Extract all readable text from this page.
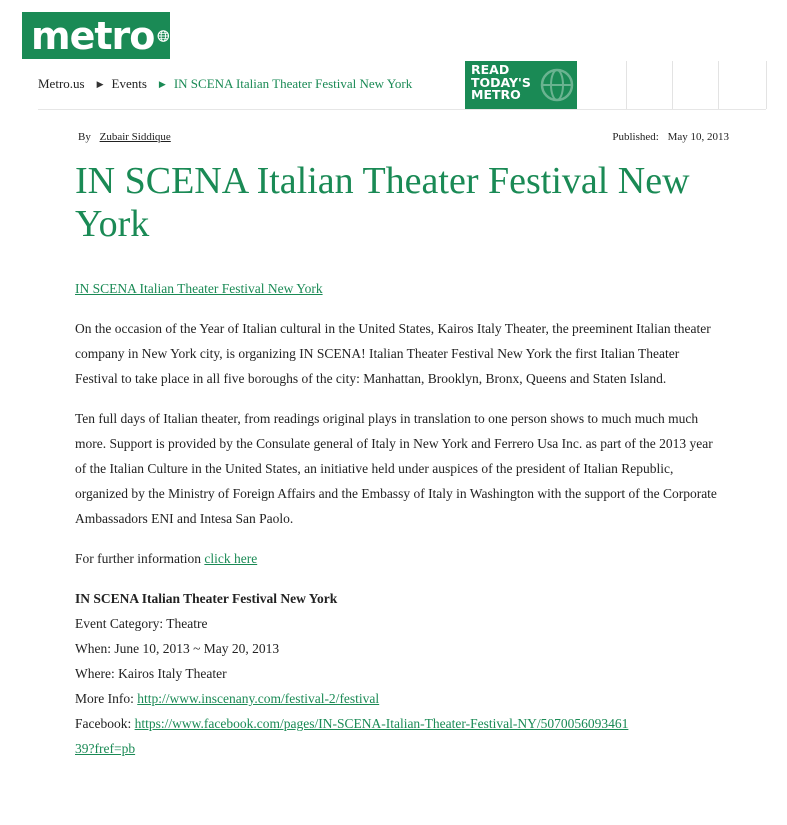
metro
Metro.us ▶ Events ▶ IN SCENA Italian Theater Festival New York
READ
TODAY'S
METRO
By Zubair Siddique	Published: May 10, 2013
IN SCENA Italian Theater Festival New York

IN SCENA Italian Theater Festival New York

On the occasion of the Year of Italian cultural in the United States, Kairos Italy Theater, the preeminent Italian theater company in New York city, is organizing IN SCENA! Italian Theater Festival New York the first Italian Theater Festival to take place in all five boroughs of the city: Manhattan, Brooklyn, Bronx, Queens and Staten Island.

Ten full days of Italian theater, from readings original plays in translation to one person shows to much much much more. Support is provided by the Consulate general of Italy in New York and Ferrero Usa Inc. as part of the 2013 year of the Italian Culture in the United States, an initiative held under auspices of the president of Italian Republic, organized by the Ministry of Foreign Affairs and the Embassy of Italy in Washington with the support of the Corporate Ambassadors ENI and Intesa San Paolo.

For further information click here

IN SCENA Italian Theater Festival New York
Event Category: Theatre
When: June 10, 2013 ~ May 20, 2013
Where: Kairos Italy Theater
More Info: http://www.inscenany.com/festival-2/festival
Facebook: https://www.facebook.com/pages/IN-SCENA-Italian-Theater-Festival-NY/507005609346139?fref=pb
